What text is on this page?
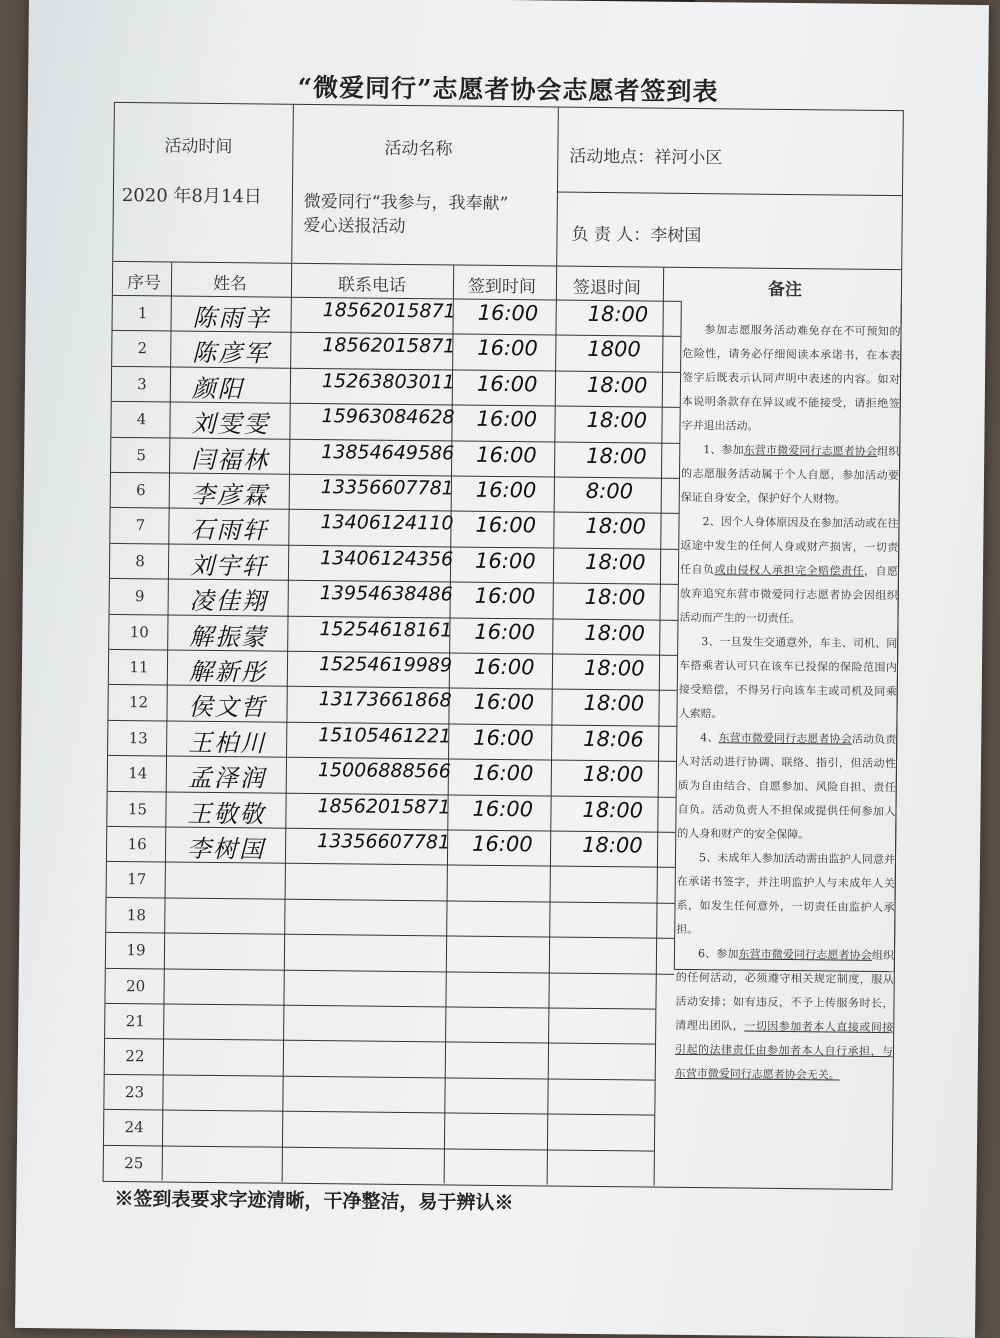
“微爱同行”志愿者协会志愿者签到表
活动时间
2020 年8月14日
活动名称
微爱同行“我参与，我奉献”
爱心送报活动
活动地点：祥河小区
负 责 人：李树国
序号	姓名	联系电话	签到时间 签退时间	备注
1	陈雨辛	18562015871 16:00 18:00
2	陈彦军	18562015871 16:00 1800
3	颜阳	15263803011 16:00 18:00
4	刘雯雯	15963084628 16:00 18:00
5	闫福林	13854649586 16:00 18:00
6	李彦霖	13356607781 16:00 8:00
7	石雨轩	13406124110 16:00 18:00
8	刘宇轩	13406124356 16:00 18:00
9	凌佳翔	13954638486 16:00 18:00
10	解振蒙	15254618161 16:00 18:00
11	解新彤	15254619989 16:00 18:00
12	侯文哲	13173661868 16:00 18:00
13	王柏川	15105461221 16:00 18:06
14	孟泽润	15006888566 16:00 18:00
15	王敬敬	18562015871 16:00 18:00
16	李树国	13356607781 16:00 18:00
17
18
19
20
21
22
23
24
25

参加志愿服务活动难免存在不可预知的危险性，请务必仔细阅读本承诺书，在本表签字后既表示认同声明中表述的内容。如对本说明条款存在异议或不能接受，请拒绝签字并退出活动。

1、参加东营市微爱同行志愿者协会组织的志愿服务活动属于个人自愿，参加活动要保证自身安全，保护好个人财物。

2、因个人身体原因及在参加活动或在往返途中发生的任何人身或财产损害，一切责任自负或由侵权人承担完全赔偿责任，自愿放弃追究东营市微爱同行志愿者协会因组织活动而产生的一切责任。

3、一旦发生交通意外，车主、司机、同车搭乘者认可只在该车已投保的保险范围内接受赔偿，不得另行向该车主或司机及同乘人索赔。

4、东营市微爱同行志愿者协会活动负责人对活动进行协调、联络、指引，但活动性质为自由结合、自愿参加、风险自担、责任自负。活动负责人不担保或提供任何参加人的人身和财产的安全保障。

5、未成年人参加活动需由监护人同意并在承诺书签字，并注明监护人与未成年人关系，如发生任何意外，一切责任由监护人承担。

6、参加东营市微爱同行志愿者协会组织的任何活动，必须遵守相关规定制度，服从活动安排；如有违反，不予上传服务时长，清理出团队，一切因参加者本人直接或间接引起的法律责任由参加者本人自行承担，与东营市微爱同行志愿者协会无关。

※签到表要求字迹清晰，干净整洁，易于辨认※
